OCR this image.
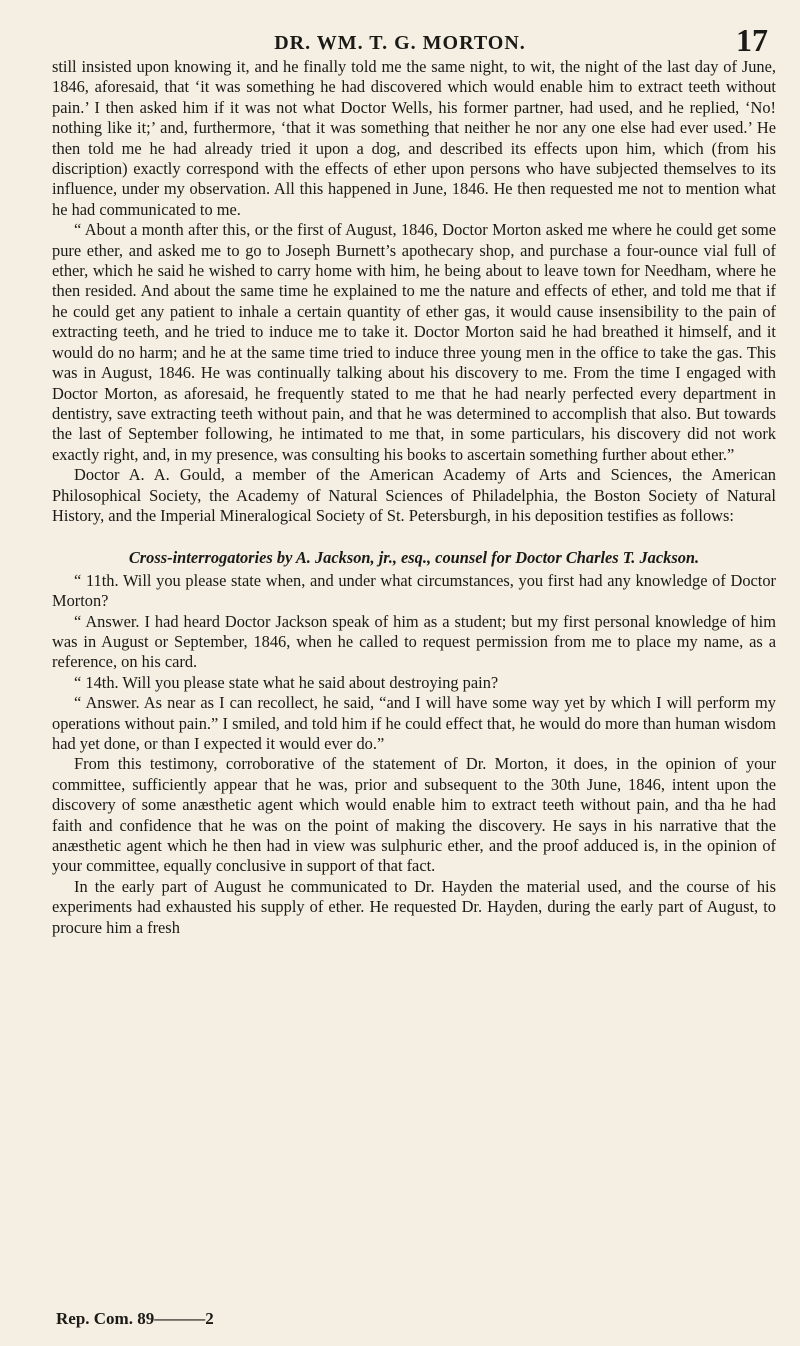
DR. WM. T. G. MORTON.	17

still insisted upon knowing it, and he finally told me the same night, to wit, the night of the last day of June, 1846, aforesaid, that ‘it was something he had discovered which would enable him to extract teeth without pain.’ I then asked him if it was not what Doctor Wells, his former partner, had used, and he replied, ‘No! nothing like it;’ and, furthermore, ‘that it was something that neither he nor any one else had ever used.’ He then told me he had already tried it upon a dog, and described its effects upon him, which (from his discription) exactly correspond with the effects of ether upon persons who have subjected themselves to its influence, under my observation. All this happened in June, 1846. He then requested me not to mention what he had communicated to me.

“ About a month after this, or the first of August, 1846, Doctor Morton asked me where he could get some pure ether, and asked me to go to Joseph Burnett’s apothecary shop, and purchase a four-ounce vial full of ether, which he said he wished to carry home with him, he being about to leave town for Needham, where he then resided. And about the same time he explained to me the nature and effects of ether, and told me that if he could get any patient to inhale a certain quantity of ether gas, it would cause insensibility to the pain of extracting teeth, and he tried to induce me to take it. Doctor Morton said he had breathed it himself, and it would do no harm; and he at the same time tried to induce three young men in the office to take the gas. This was in August, 1846. He was continually talking about his discovery to me. From the time I engaged with Doctor Morton, as aforesaid, he frequently stated to me that he had nearly perfected every department in dentistry, save extracting teeth without pain, and that he was determined to accomplish that also. But towards the last of September following, he intimated to me that, in some particulars, his discovery did not work exactly right, and, in my presence, was consulting his books to ascertain something further about ether.”

Doctor A. A. Gould, a member of the American Academy of Arts and Sciences, the American Philosophical Society, the Academy of Natural Sciences of Philadelphia, the Boston Society of Natural History, and the Imperial Mineralogical Society of St. Petersburgh, in his deposition testifies as follows:

Cross-interrogatories by A. Jackson, jr., esq., counsel for Doctor Charles T. Jackson.

“ 11th. Will you please state when, and under what circumstances, you first had any knowledge of Doctor Morton?

“ Answer. I had heard Doctor Jackson speak of him as a student; but my first personal knowledge of him was in August or September, 1846, when he called to request permission from me to place my name, as a reference, on his card.

“ 14th. Will you please state what he said about destroying pain?

“ Answer. As near as I can recollect, he said, “and I will have some way yet by which I will perform my operations without pain.” I smiled, and told him if he could effect that, he would do more than human wisdom had yet done, or than I expected it would ever do.”

From this testimony, corroborative of the statement of Dr. Morton, it does, in the opinion of your committee, sufficiently appear that he was, prior and subsequent to the 30th June, 1846, intent upon the discovery of some anæsthetic agent which would enable him to extract teeth without pain, and tha he had faith and confidence that he was on the point of making the discovery. He says in his narrative that the anæsthetic agent which he then had in view was sulphuric ether, and the proof adduced is, in the opinion of your committee, equally conclusive in support of that fact.

In the early part of August he communicated to Dr. Hayden the material used, and the course of his experiments had exhausted his supply of ether. He requested Dr. Hayden, during the early part of August, to procure him a fresh

Rep. Com. 89———2
